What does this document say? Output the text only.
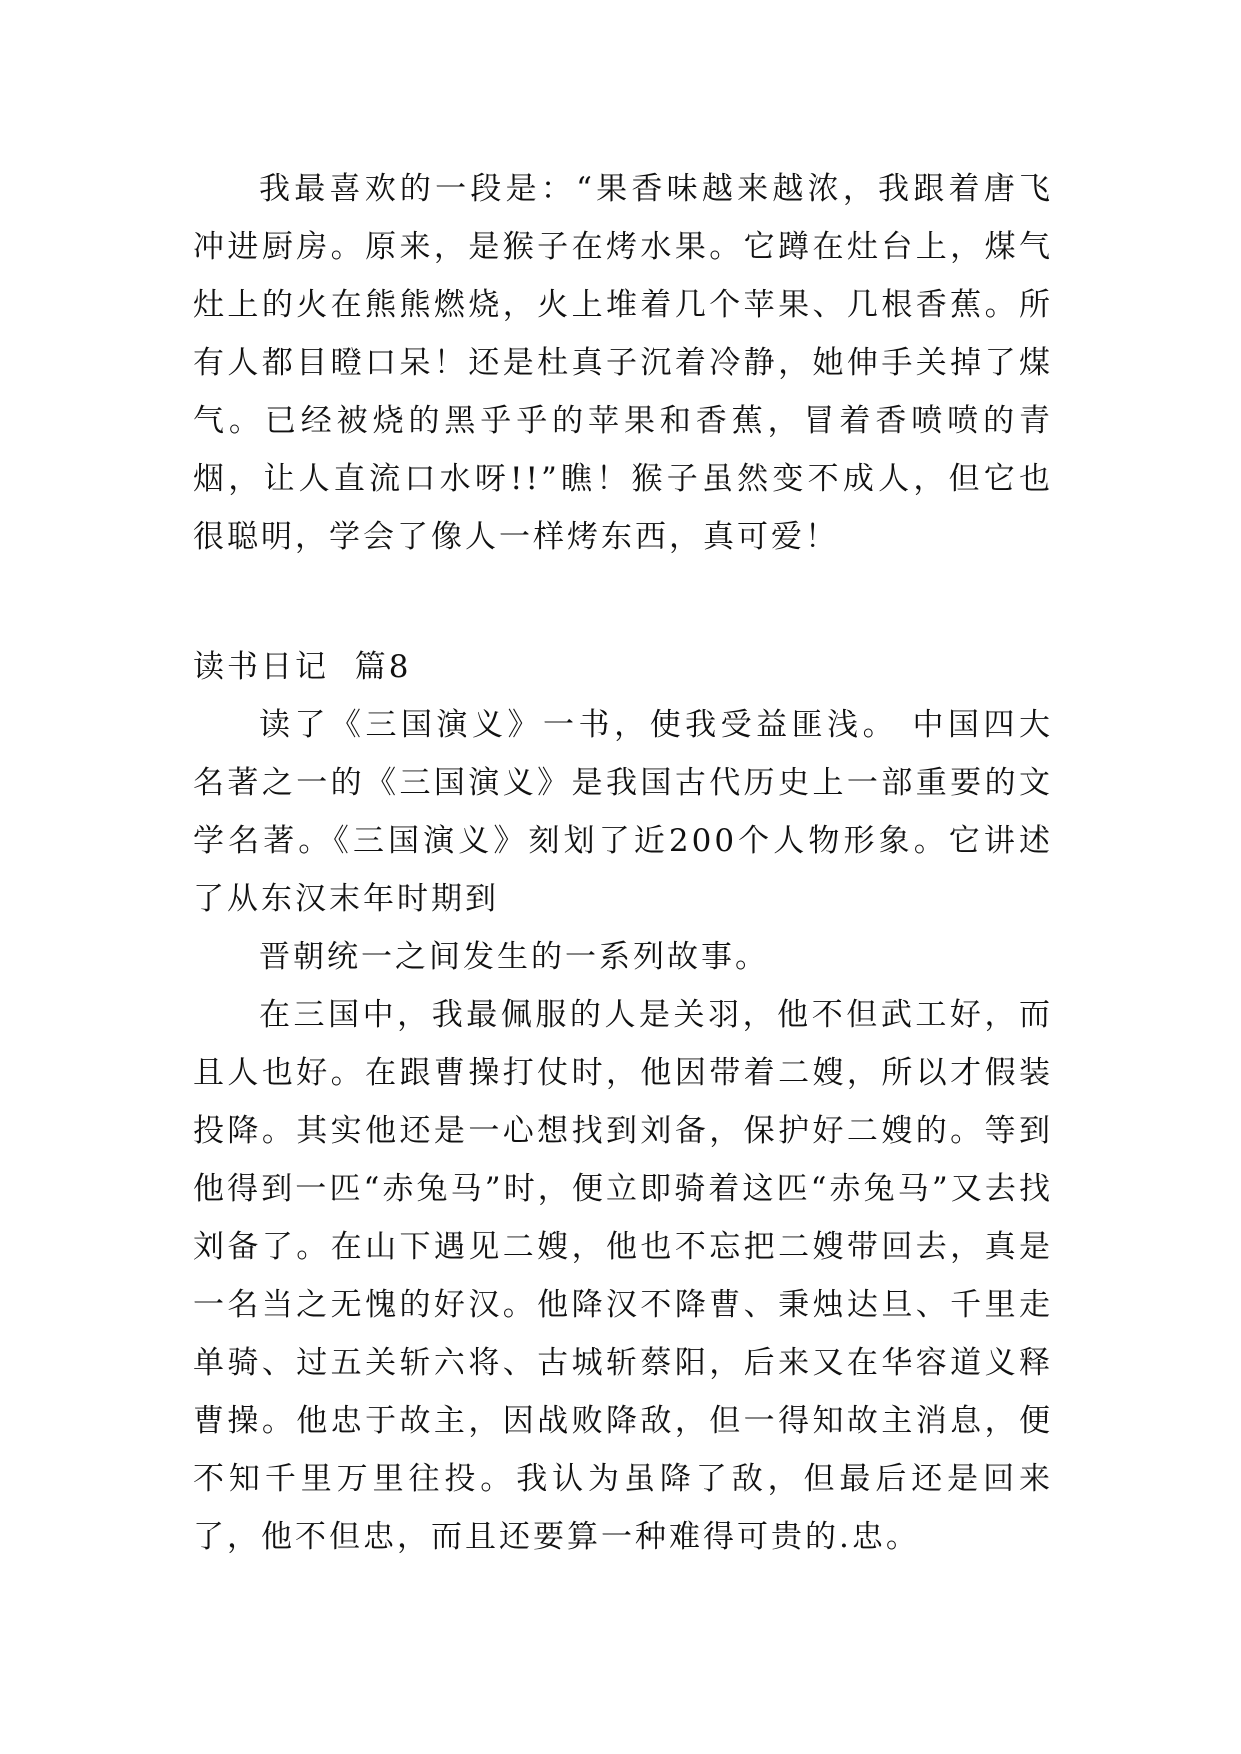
我最喜欢的一段是：“果香味越来越浓，我跟着唐飞冲进厨房。原来，是猴子在烤水果。它蹲在灶台上，煤气灶上的火在熊熊燃烧，火上堆着几个苹果、几根香蕉。所有人都目瞪口呆！还是杜真子沉着冷静，她伸手关掉了煤气。已经被烧的黑乎乎的苹果和香蕉，冒着香喷喷的青烟，让人直流口水呀!!”瞧！猴子虽然变不成人，但它也很聪明，学会了像人一样烤东西，真可爱！

读书日记  篇8

读了《三国演义》一书，使我受益匪浅。 中国四大名著之一的《三国演义》是我国古代历史上一部重要的文学名著。《三国演义》刻划了近200个人物形象。它讲述了从东汉末年时期到

晋朝统一之间发生的一系列故事。

在三国中，我最佩服的人是关羽，他不但武工好，而且人也好。在跟曹操打仗时，他因带着二嫂，所以才假装投降。其实他还是一心想找到刘备，保护好二嫂的。等到他得到一匹“赤兔马”时，便立即骑着这匹“赤兔马”又去找刘备了。在山下遇见二嫂，他也不忘把二嫂带回去，真是一名当之无愧的好汉。他降汉不降曹、秉烛达旦、千里走单骑、过五关斩六将、古城斩蔡阳，后来又在华容道义释曹操。他忠于故主，因战败降敌，但一得知故主消息，便不知千里万里往投。我认为虽降了敌，但最后还是回来了，他不但忠，而且还要算一种难得可贵的.忠。
